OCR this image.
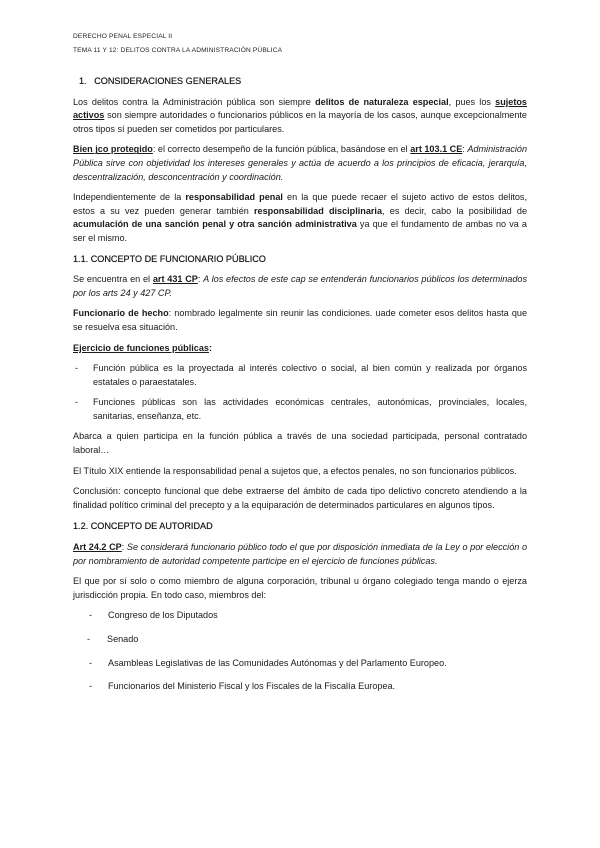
DERECHO PENAL ESPECIAL II
TEMA 11 Y 12: DELITOS CONTRA LA ADMINISTRACIÓN PÚBLICA

1. CONSIDERACIONES GENERALES

Los delitos contra la Administración pública son siempre delitos de naturaleza especial, pues los sujetos activos son siempre autoridades o funcionarios públicos en la mayoría de los casos, aunque excepcionalmente otros tipos sí pueden ser cometidos por particulares.

Bien jco protegido: el correcto desempeño de la función pública, basándose en el art 103.1 CE: Administración Pública sirve con objetividad los intereses generales y actúa de acuerdo a los principios de eficacia, jerarquía, descentralización, desconcentración y coordinación.

Independientemente de la responsabilidad penal en la que puede recaer el sujeto activo de estos delitos, estos a su vez pueden generar también responsabilidad disciplinaria, es decir, cabo la posibilidad de acumulación de una sanción penal y otra sanción administrativa ya que el fundamento de ambas no va a ser el mismo.

1.1. CONCEPTO DE FUNCIONARIO PÚBLICO

Se encuentra en el art 431 CP: A los efectos de este cap se entenderán funcionarios públicos los determinados por los arts 24 y 427 CP.

Funcionario de hecho: nombrado legalmente sin reunir las condiciones. uade cometer esos delitos hasta que se resuelva esa situación.

Ejercicio de funciones públicas:

- Función pública es la proyectada al interés colectivo o social, al bien común y realizada por órganos estatales o paraestatales.
- Funciones públicas son las actividades económicas centrales, autonómicas, provinciales, locales, sanitarias, enseñanza, etc.

Abarca a quien participa en la función pública a través de una sociedad participada, personal contratado laboral…

El Título XIX entiende la responsabilidad penal a sujetos que, a efectos penales, no son funcionarios públicos.

Conclusión: concepto funcional que debe extraerse del ámbito de cada tipo delictivo concreto atendiendo a la finalidad político criminal del precepto y a la equiparación de determinados particulares en algunos tipos.

1.2. CONCEPTO DE AUTORIDAD

Art 24.2 CP: Se considerará funcionario público todo el que por disposición inmediata de la Ley o por elección o por nombramiento de autoridad competente participe en el ejercicio de funciones públicas.

El que por sí solo o como miembro de alguna corporación, tribunal u órgano colegiado tenga mando o ejerza jurisdicción propia. En todo caso, miembros del:

- Congreso de los Diputados
- Senado
- Asambleas Legislativas de las Comunidades Autónomas y del Parlamento Europeo.
- Funcionarios del Ministerio Fiscal y los Fiscales de la Fiscalía Europea.
